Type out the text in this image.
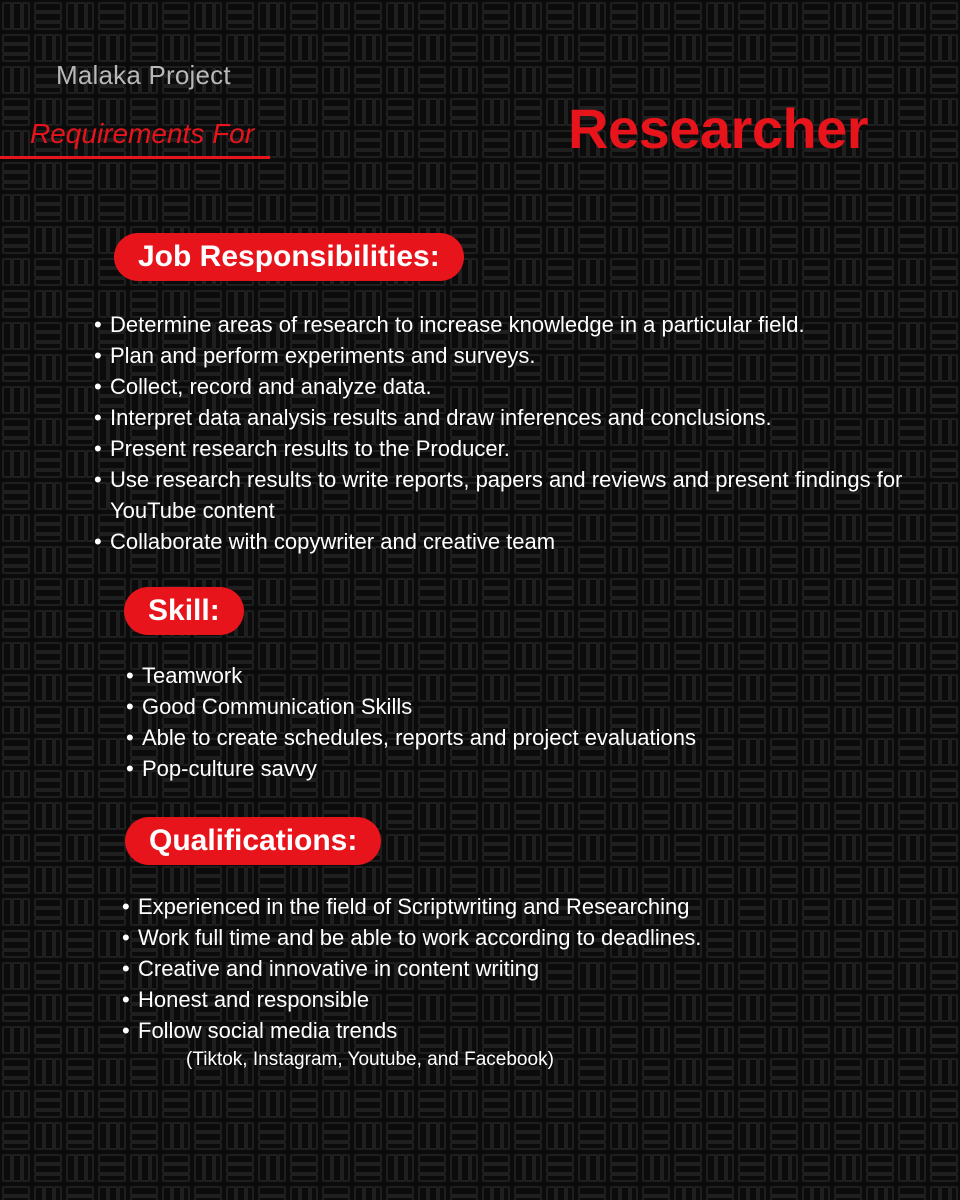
Malaka Project
Requirements For	Researcher
Job Responsibilities:
• Determine areas of research to increase knowledge in a particular field.
• Plan and perform experiments and surveys.
• Collect, record and analyze data.
• Interpret data analysis results and draw inferences and conclusions.
• Present research results to the Producer.
• Use research results to write reports, papers and reviews and present findings for YouTube content
• Collaborate with copywriter and creative team
Skill:
• Teamwork
• Good Communication Skills
• Able to create schedules, reports and project evaluations
• Pop-culture savvy
Qualifications:
• Experienced in the field of Scriptwriting and Researching
• Work full time and be able to work according to deadlines.
• Creative and innovative in content writing
• Honest and responsible
• Follow social media trends
(Tiktok, Instagram, Youtube, and Facebook)
